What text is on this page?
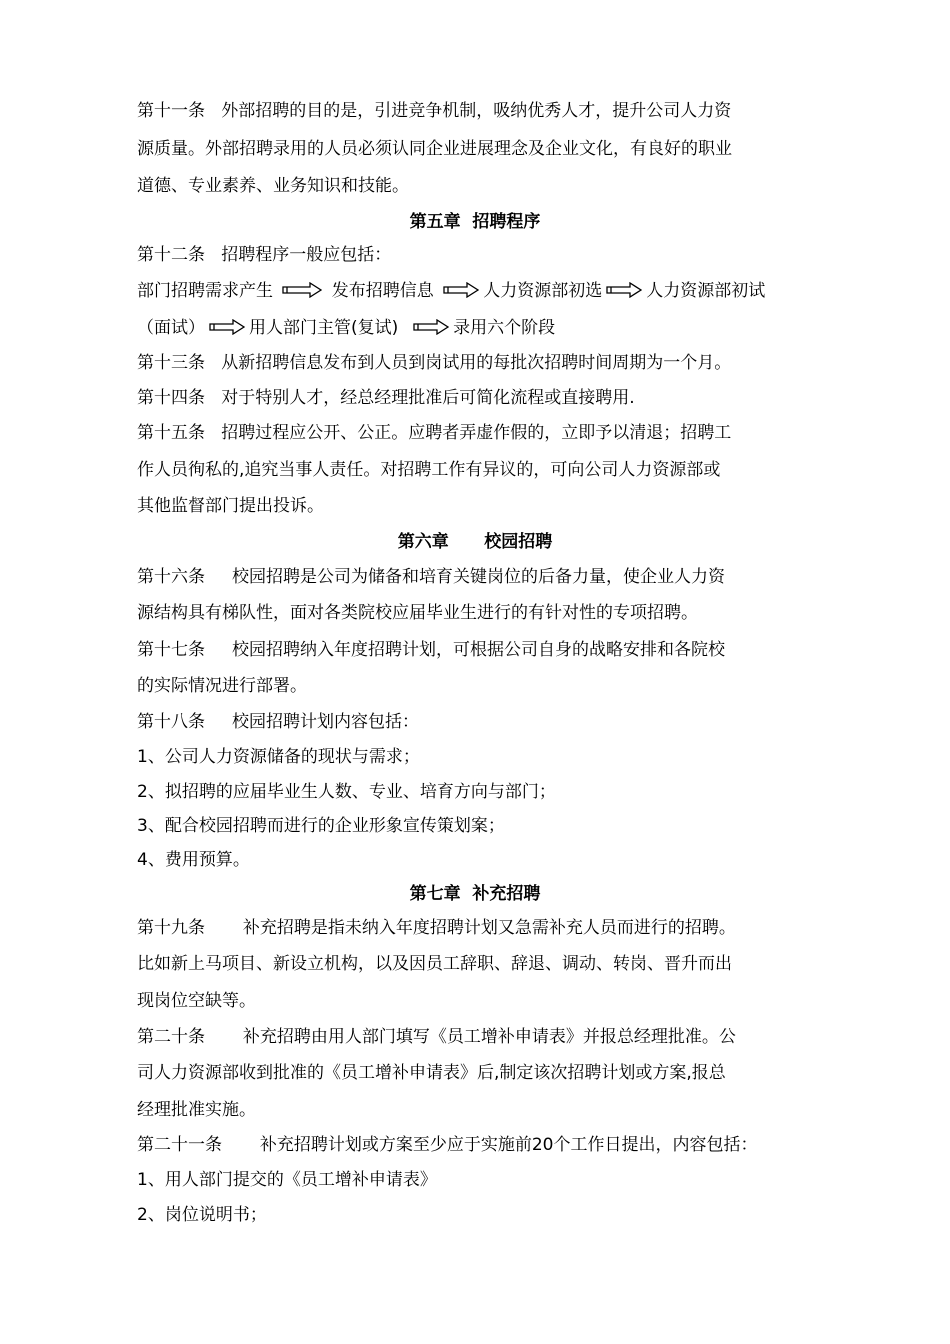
第十一条   外部招聘的目的是，引进竞争机制，吸纳优秀人才，提升公司人力资
源质量。外部招聘录用的人员必须认同企业进展理念及企业文化，有良好的职业
道德、专业素养、业务知识和技能。
第五章  招聘程序
第十二条   招聘程序一般应包括：
部门招聘需求产生	发布招聘信息	人力资源部初选	人力资源部初试
（面试）	用人部门主管(复试)	录用六个阶段
第十三条   从新招聘信息发布到人员到岗试用的每批次招聘时间周期为一个月。
第十四条   对于特别人才，经总经理批准后可简化流程或直接聘用.
第十五条   招聘过程应公开、公正。应聘者弄虚作假的，立即予以清退；招聘工
作人员徇私的,追究当事人责任。对招聘工作有异议的，可向公司人力资源部或
其他监督部门提出投诉。
第六章      校园招聘
第十六条     校园招聘是公司为储备和培育关键岗位的后备力量，使企业人力资
源结构具有梯队性，面对各类院校应届毕业生进行的有针对性的专项招聘。
第十七条     校园招聘纳入年度招聘计划，可根据公司自身的战略安排和各院校
的实际情况进行部署。
第十八条     校园招聘计划内容包括：
1、公司人力资源储备的现状与需求；
2、拟招聘的应届毕业生人数、专业、培育方向与部门；
3、配合校园招聘而进行的企业形象宣传策划案；
4、费用预算。
第七章  补充招聘
第十九条       补充招聘是指未纳入年度招聘计划又急需补充人员而进行的招聘。
比如新上马项目、新设立机构，以及因员工辞职、辞退、调动、转岗、晋升而出
现岗位空缺等。
第二十条       补充招聘由用人部门填写《员工增补申请表》并报总经理批准。公
司人力资源部收到批准的《员工增补申请表》后,制定该次招聘计划或方案,报总
经理批准实施。
第二十一条       补充招聘计划或方案至少应于实施前20个工作日提出，内容包括：
1、用人部门提交的《员工增补申请表》
2、岗位说明书；
